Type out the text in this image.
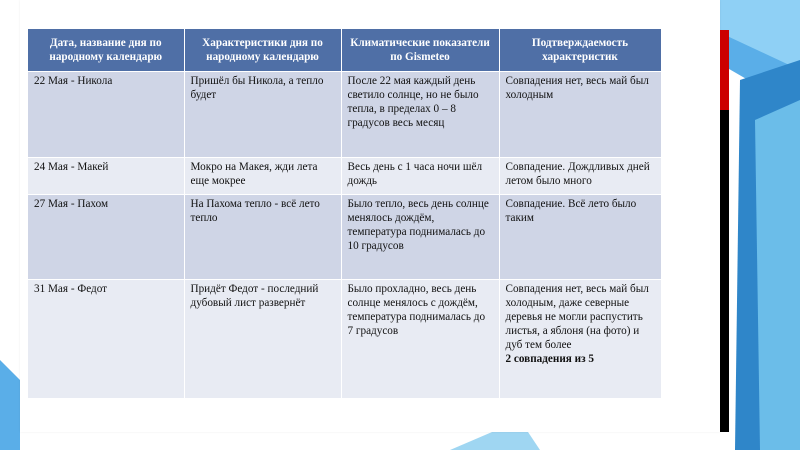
Дата, название дня по народному календарю	Характеристики дня по народному календарю	Климатические показатели по Gismeteo	Подтверждаемость характеристик
22 Мая - Никола	Пришёл бы Никола, а тепло будет	После 22 мая каждый день светило солнце, но не было тепла, в пределах 0 – 8 градусов весь месяц	Совпадения нет, весь май был холодным
24 Мая - Макей	Мокро на Макея, жди лета еще мокрее	Весь день с 1 часа ночи шёл дождь	Совпадение. Дождливых дней летом было много
27 Мая - Пахом	На Пахома тепло - всё лето тепло	Было тепло, весь день солнце менялось дождём, температура поднималась до 10 градусов	Совпадение. Всё лето было таким
31 Мая - Федот	Придёт Федот - последний дубовый лист развернёт	Было прохладно, весь день солнце менялось с дождём, температура поднималась до 7 градусов	Совпадения нет, весь май был холодным, даже северные деревья не могли распустить листья, а яблоня (на фото) и дуб тем более
2 совпадения из 5
